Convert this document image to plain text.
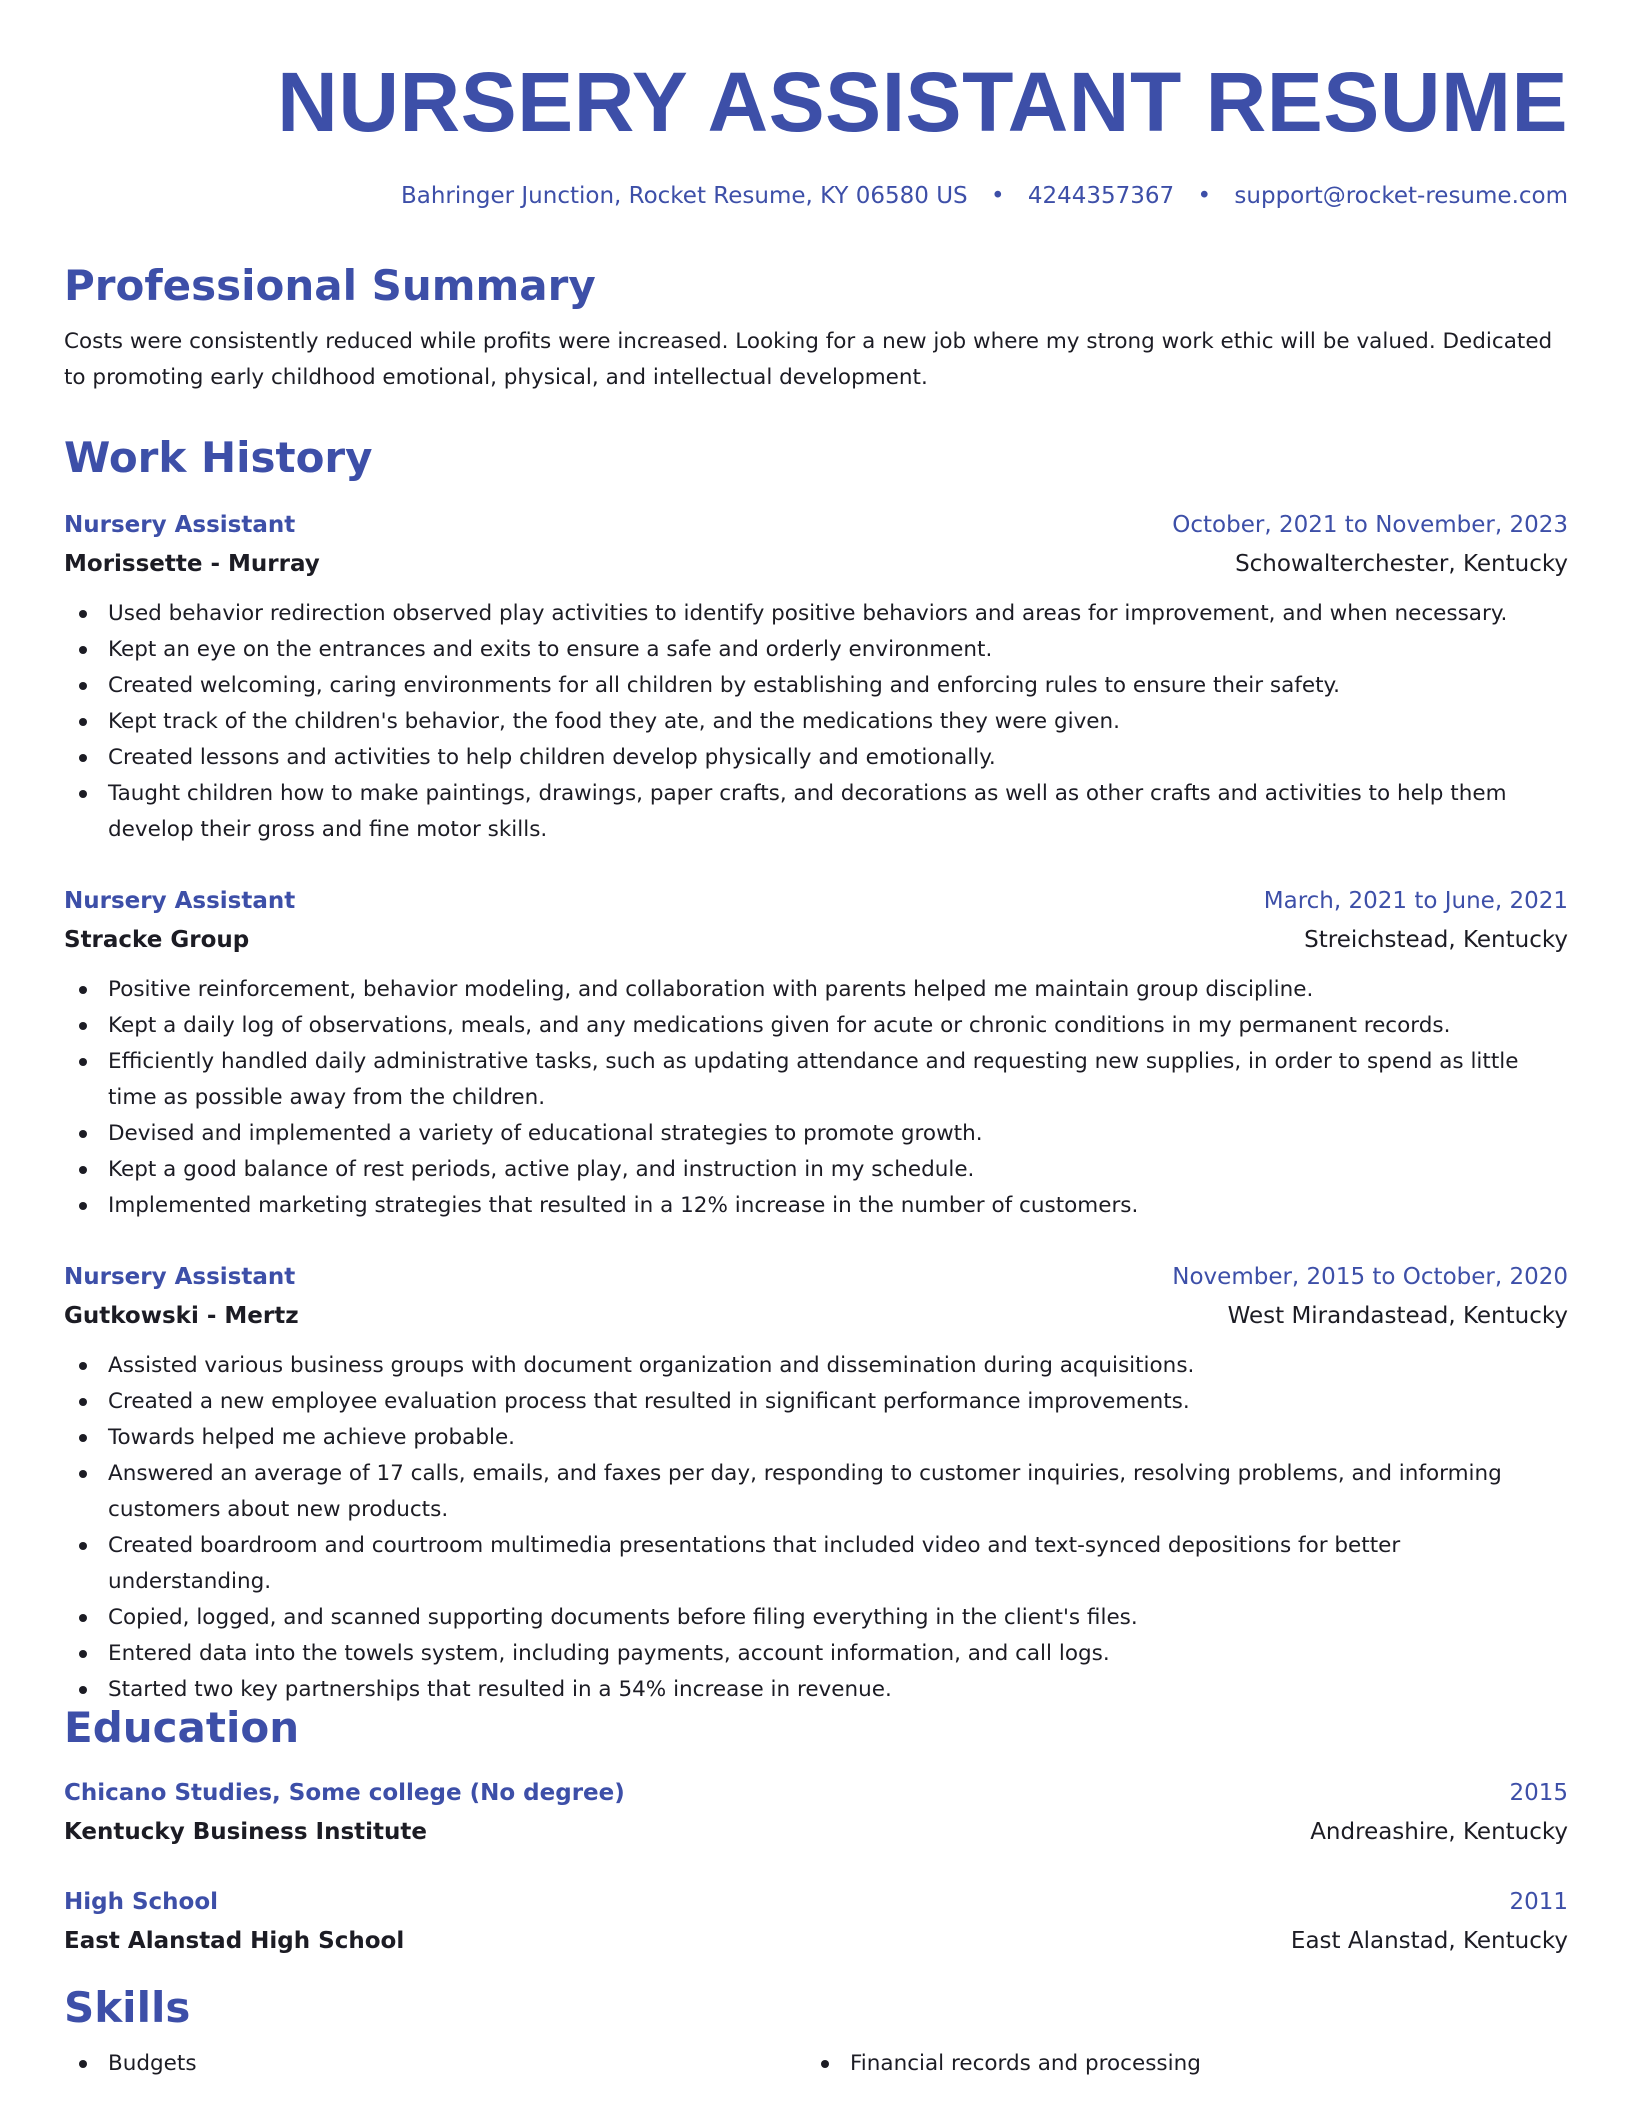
NURSERY ASSISTANT RESUME
Bahringer Junction, Rocket Resume, KY 06580 US • 4244357367 • support@rocket-resume.com
Professional Summary

Costs were consistently reduced while profits were increased. Looking for a new job where my strong work ethic will be valued. Dedicated to promoting early childhood emotional, physical, and intellectual development.

Work History
Nursery Assistant	October, 2021 to November, 2023
Morissette - Murray	Schowalterchester, Kentucky
Used behavior redirection observed play activities to identify positive behaviors and areas for improvement, and when necessary.
Kept an eye on the entrances and exits to ensure a safe and orderly environment.
Created welcoming, caring environments for all children by establishing and enforcing rules to ensure their safety.
Kept track of the children's behavior, the food they ate, and the medications they were given.
Created lessons and activities to help children develop physically and emotionally.
Taught children how to make paintings, drawings, paper crafts, and decorations as well as other crafts and activities to help them develop their gross and fine motor skills.
Nursery Assistant	March, 2021 to June, 2021
Stracke Group	Streichstead, Kentucky
Positive reinforcement, behavior modeling, and collaboration with parents helped me maintain group discipline.
Kept a daily log of observations, meals, and any medications given for acute or chronic conditions in my permanent records.
Efficiently handled daily administrative tasks, such as updating attendance and requesting new supplies, in order to spend as little time as possible away from the children.
Devised and implemented a variety of educational strategies to promote growth.
Kept a good balance of rest periods, active play, and instruction in my schedule.
Implemented marketing strategies that resulted in a 12% increase in the number of customers.
Nursery Assistant	November, 2015 to October, 2020
Gutkowski - Mertz	West Mirandastead, Kentucky
Assisted various business groups with document organization and dissemination during acquisitions.
Created a new employee evaluation process that resulted in significant performance improvements.
Towards helped me achieve probable.
Answered an average of 17 calls, emails, and faxes per day, responding to customer inquiries, resolving problems, and informing customers about new products.
Created boardroom and courtroom multimedia presentations that included video and text-synced depositions for better understanding.
Copied, logged, and scanned supporting documents before filing everything in the client's files.
Entered data into the towels system, including payments, account information, and call logs.
Started two key partnerships that resulted in a 54% increase in revenue.
Education
Chicano Studies, Some college (No degree)	2015
Kentucky Business Institute	Andreashire, Kentucky
High School	2011
East Alanstad High School	East Alanstad, Kentucky
Skills
Budgets	Financial records and processing
